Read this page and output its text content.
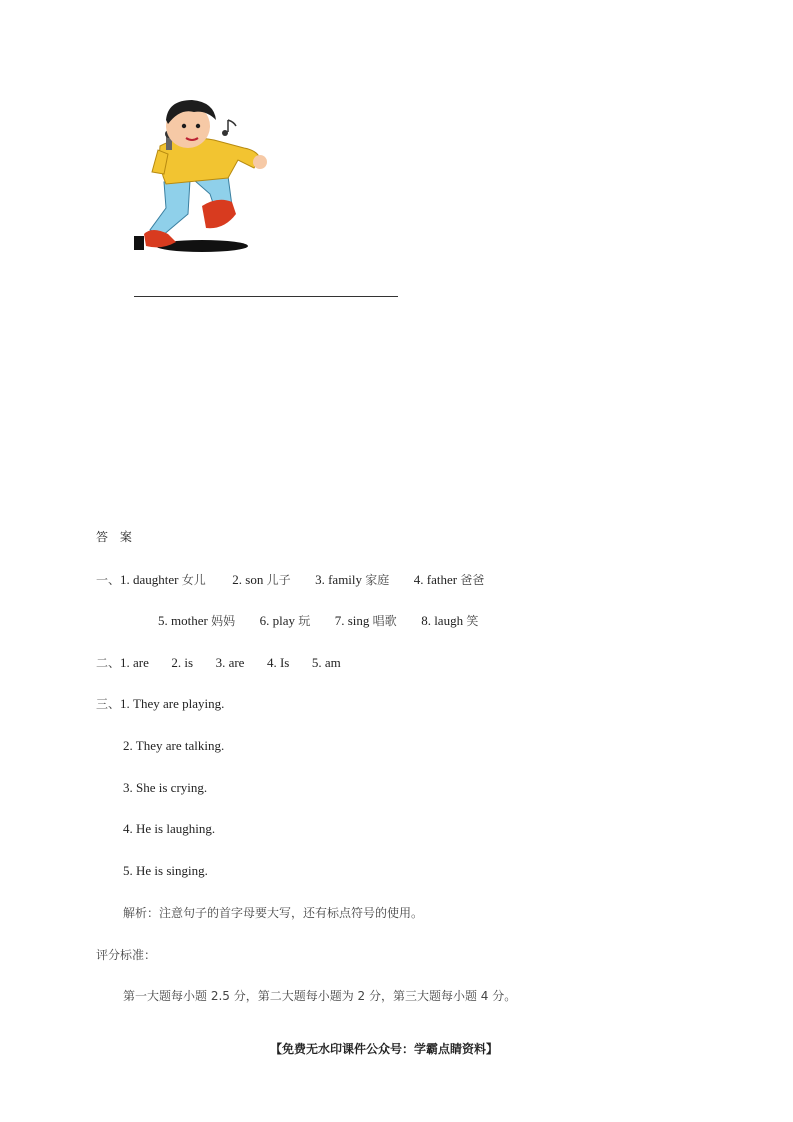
答 案
一、1. daughter 女儿 2. son 儿子 3. family 家庭 4. father 爸爸
5. mother 妈妈 6. play 玩 7. sing 唱歌 8. laugh 笑
二、1. are 2. is 3. are 4. Is 5. am
三、1. They are playing.
2. They are talking.
3. She is crying.
4. He is laughing.
5. He is singing.
解析：注意句子的首字母要大写，还有标点符号的使用。
评分标准：
第一大题每小题 2.5 分，第二大题每小题为 2 分，第三大题每小题 4 分。
【免费无水印课件公众号：学霸点睛资料】
